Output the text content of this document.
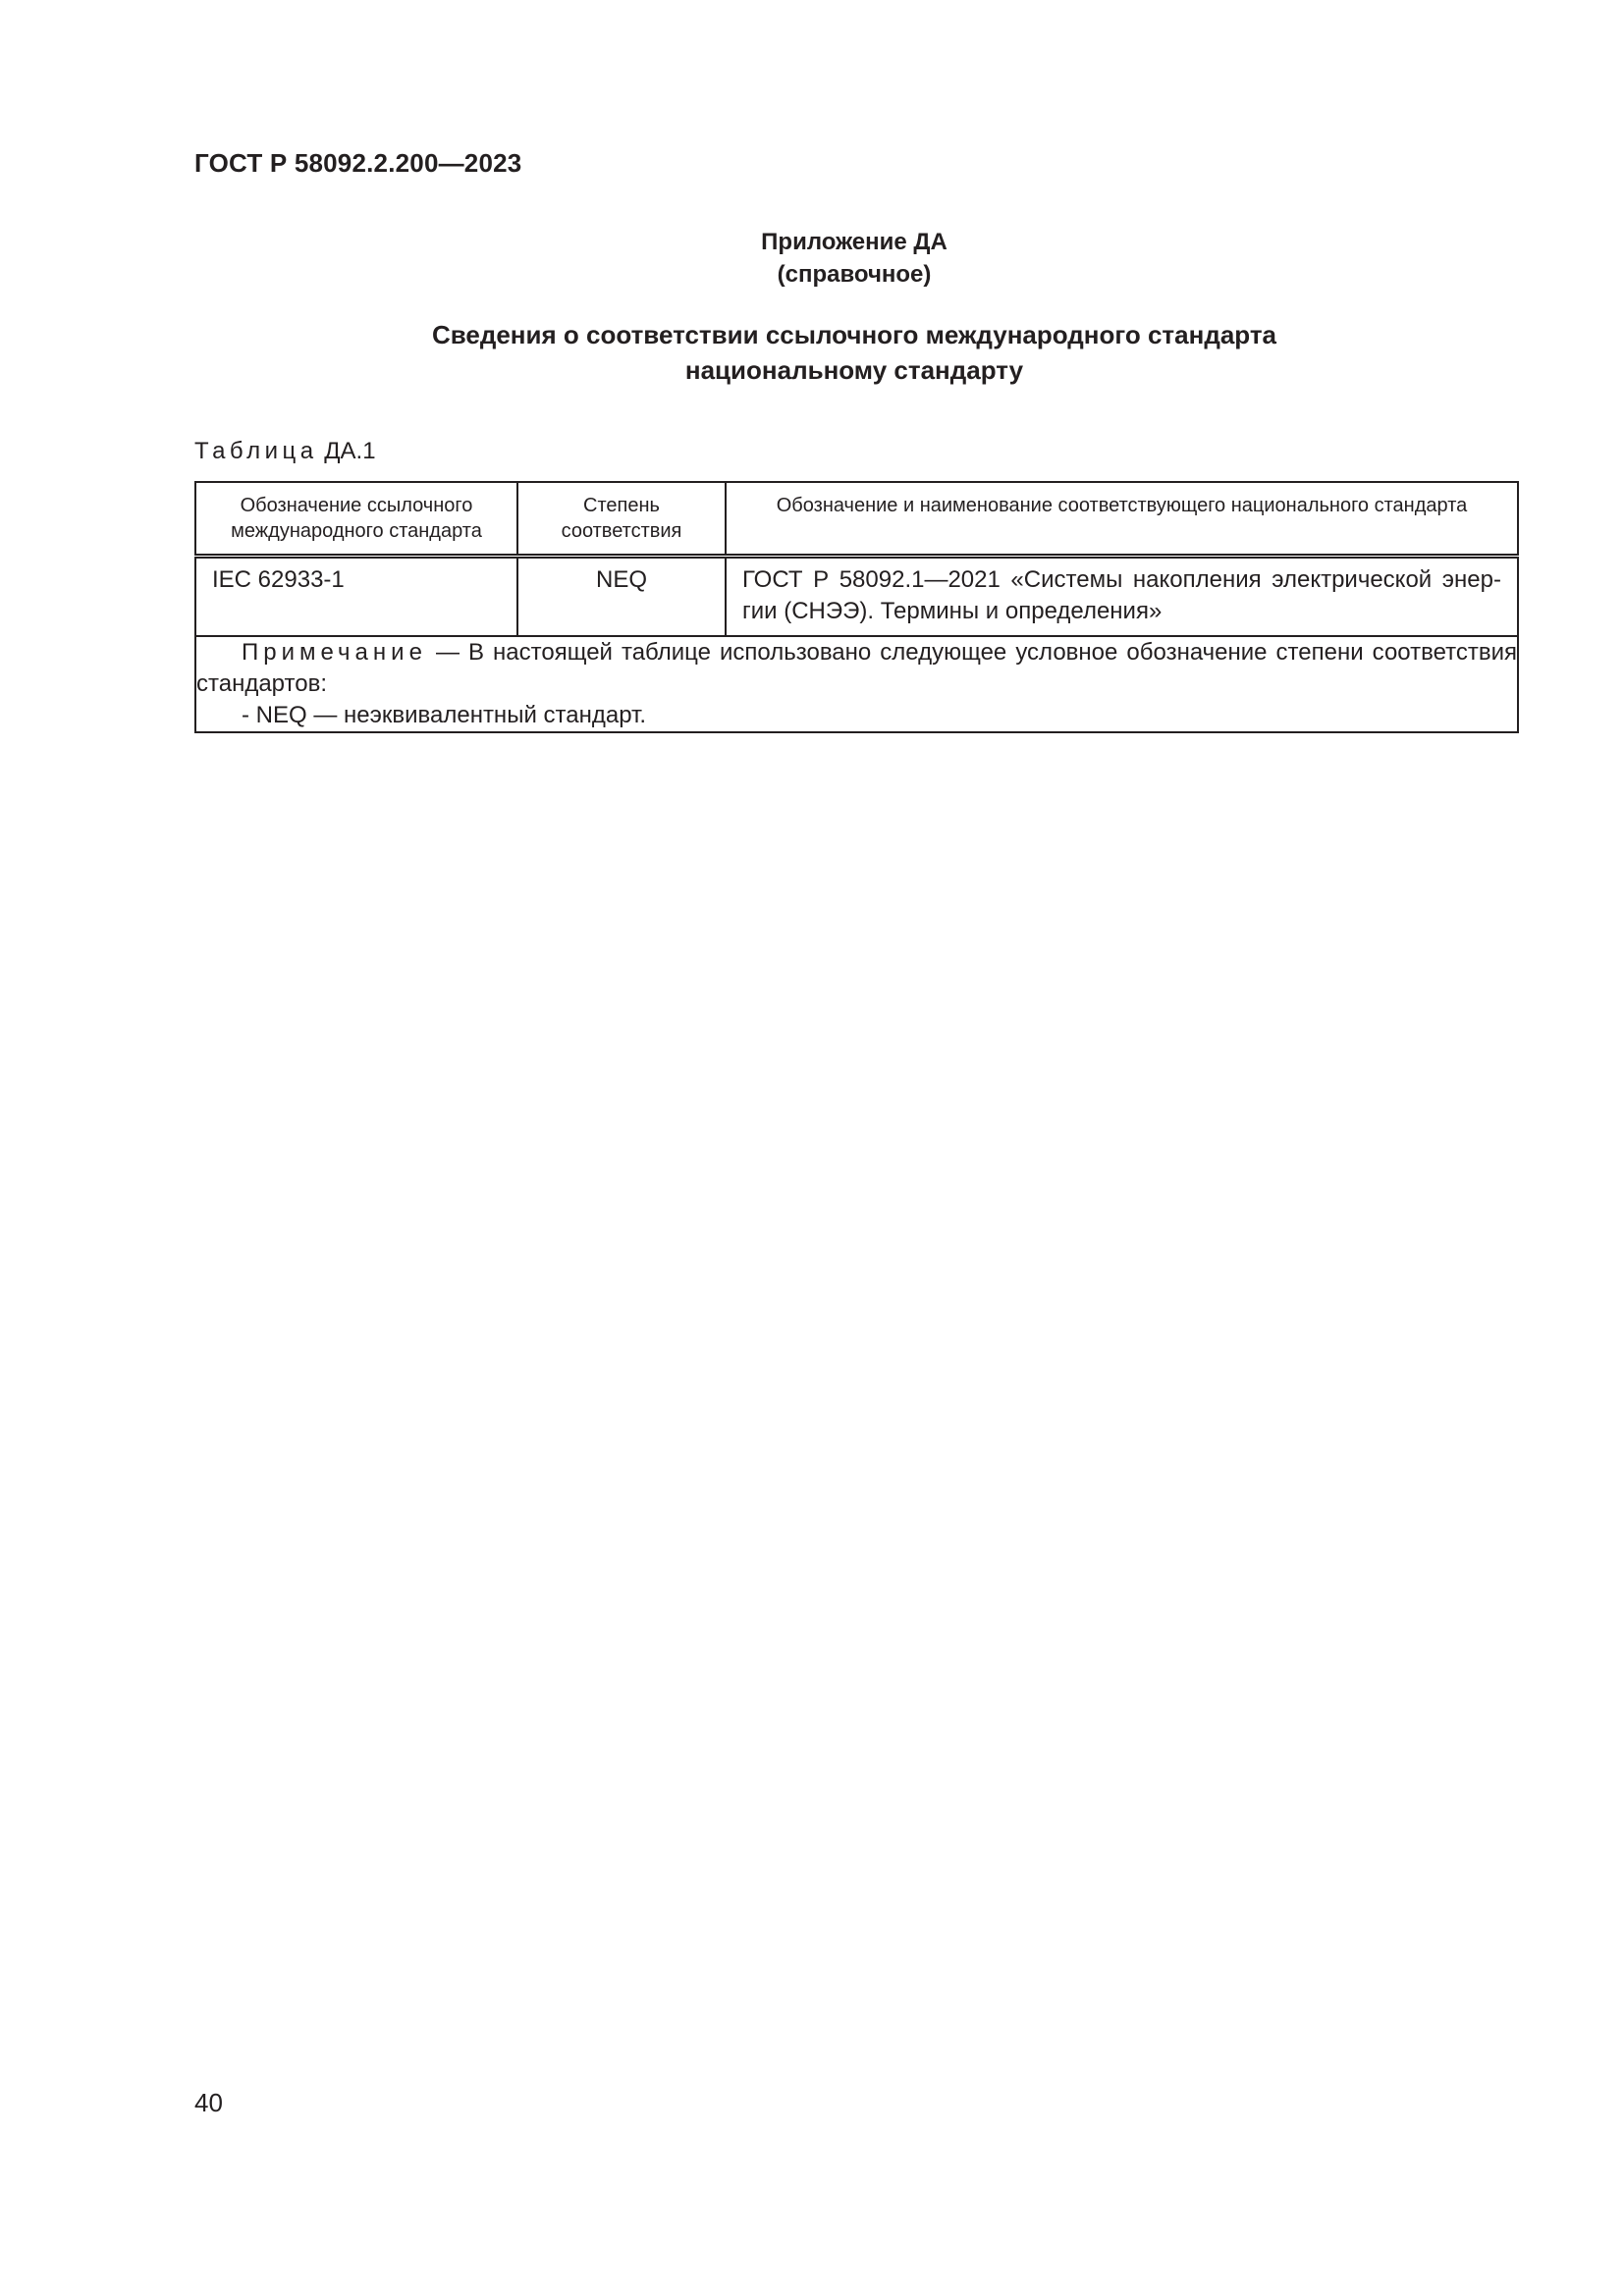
ГОСТ Р 58092.2.200—2023
Приложение ДА
(справочное)
Сведения о соответствии ссылочного международного стандарта
национальному стандарту
Таблица ДА.1
Обозначение ссылочного международного стандарта	Степень соответствия	Обозначение и наименование соответствующего национального стандарта
IEC 62933-1	NEQ	ГОСТ Р 58092.1—2021 «Системы накопления электрической энергии (СНЭЭ). Термины и определения»

Примечание — В настоящей таблице использовано следующее условное обозначение степени соответствия стандартов:
- NEQ — неэквивалентный стандарт.		
40
